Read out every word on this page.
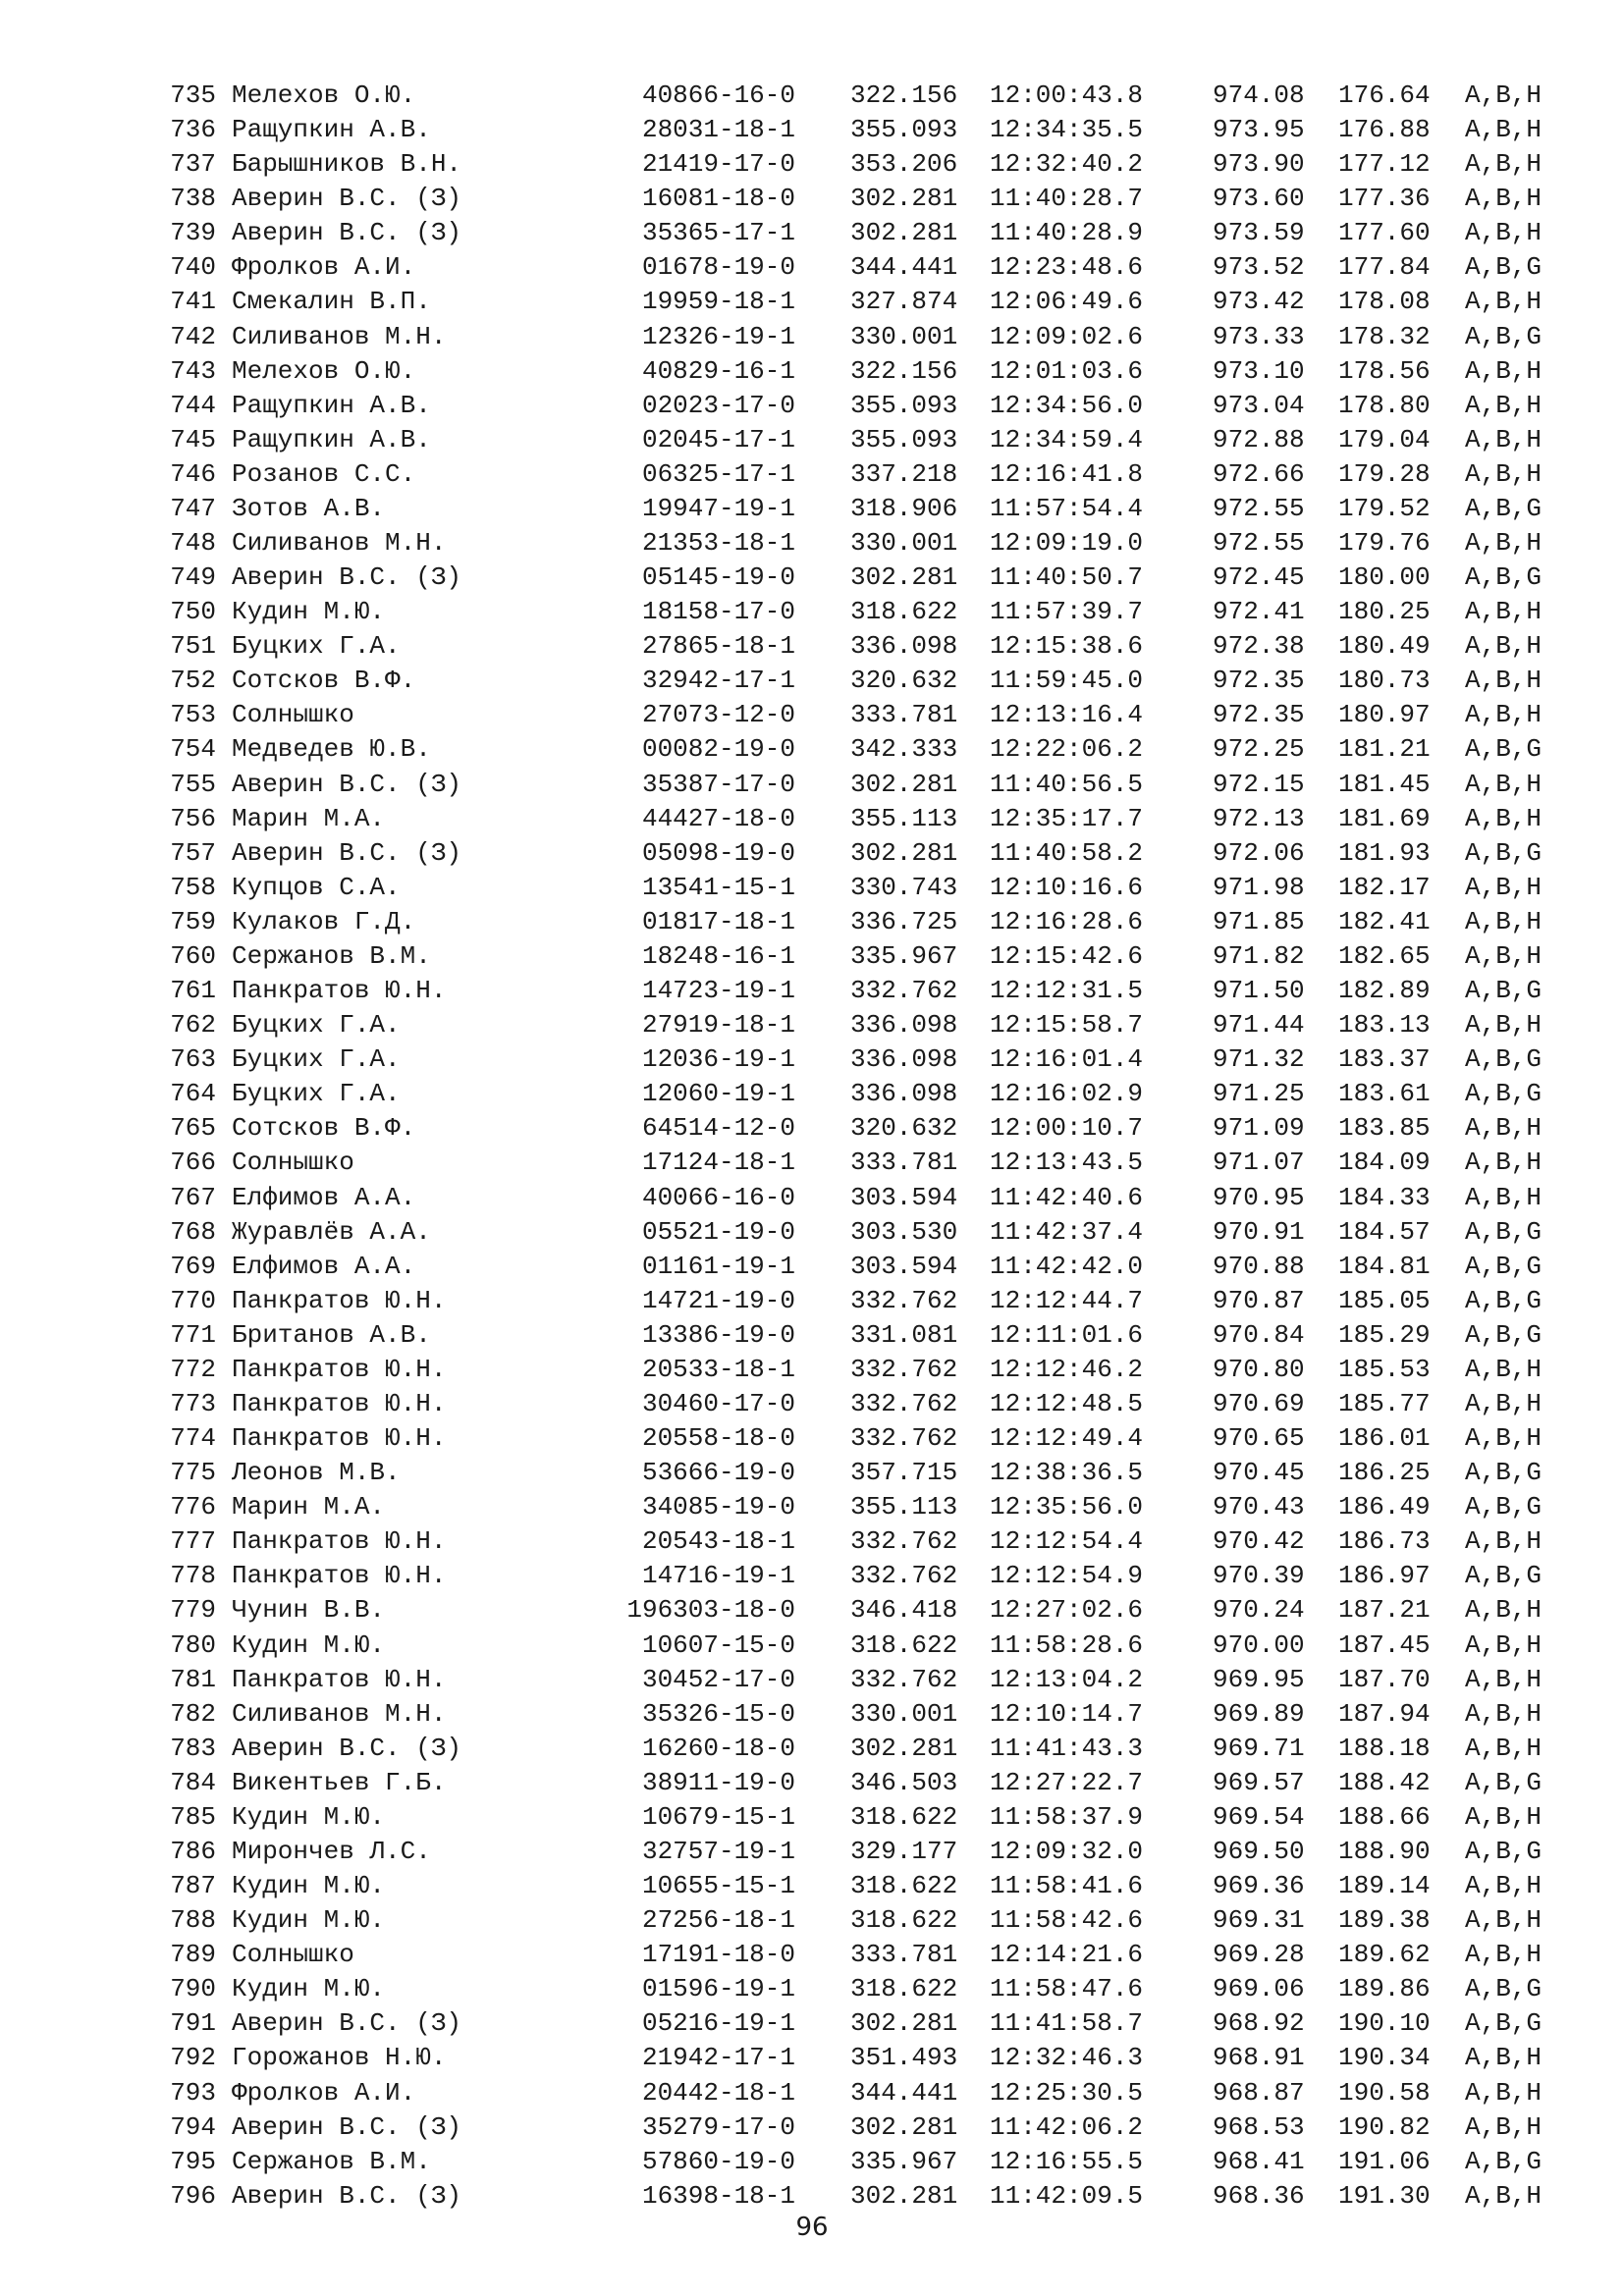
735 Мелехов О.Ю.	40866-16-0 322.156 12:00:43.8	974.08 176.64 A,B,H
736 Ращупкин А.В.	28031-18-1 355.093 12:34:35.5	973.95 176.88 A,B,H
737 Барышников В.Н.	21419-17-0 353.206 12:32:40.2	973.90 177.12 A,B,H
738 Аверин В.С. (З)	16081-18-0 302.281 11:40:28.7	973.60 177.36 A,B,H
739 Аверин В.С. (З)	35365-17-1 302.281 11:40:28.9	973.59 177.60 A,B,H
740 Фролков А.И.	01678-19-0 344.441 12:23:48.6	973.52 177.84 A,B,G
741 Смекалин В.П.	19959-18-1 327.874 12:06:49.6	973.42 178.08 A,B,H
742 Силиванов М.Н.	12326-19-1 330.001 12:09:02.6	973.33 178.32 A,B,G
743 Мелехов О.Ю.	40829-16-1 322.156 12:01:03.6	973.10 178.56 A,B,H
744 Ращупкин А.В.	02023-17-0 355.093 12:34:56.0	973.04 178.80 A,B,H
745 Ращупкин А.В.	02045-17-1 355.093 12:34:59.4	972.88 179.04 A,B,H
746 Розанов С.С.	06325-17-1 337.218 12:16:41.8	972.66 179.28 A,B,H
747 Зотов А.В.	19947-19-1 318.906 11:57:54.4	972.55 179.52 A,B,G
748 Силиванов М.Н.	21353-18-1 330.001 12:09:19.0	972.55 179.76 A,B,H
749 Аверин В.С. (З)	05145-19-0 302.281 11:40:50.7	972.45 180.00 A,B,G
750 Кудин М.Ю.	18158-17-0 318.622 11:57:39.7	972.41 180.25 A,B,H
751 Буцких Г.А.	27865-18-1 336.098 12:15:38.6	972.38 180.49 A,B,H
752 Сотсков В.Ф.	32942-17-1 320.632 11:59:45.0	972.35 180.73 A,B,H
753 Солнышко	27073-12-0 333.781 12:13:16.4	972.35 180.97 A,B,H
754 Медведев Ю.В.	00082-19-0 342.333 12:22:06.2	972.25 181.21 A,B,G
755 Аверин В.С. (З)	35387-17-0 302.281 11:40:56.5	972.15 181.45 A,B,H
756 Марин М.А.	44427-18-0 355.113 12:35:17.7	972.13 181.69 A,B,H
757 Аверин В.С. (З)	05098-19-0 302.281 11:40:58.2	972.06 181.93 A,B,G
758 Купцов С.А.	13541-15-1 330.743 12:10:16.6	971.98 182.17 A,B,H
759 Кулаков Г.Д.	01817-18-1 336.725 12:16:28.6	971.85 182.41 A,B,H
760 Сержанов В.М.	18248-16-1 335.967 12:15:42.6	971.82 182.65 A,B,H
761 Панкратов Ю.Н.	14723-19-1 332.762 12:12:31.5	971.50 182.89 A,B,G
762 Буцких Г.А.	27919-18-1 336.098 12:15:58.7	971.44 183.13 A,B,H
763 Буцких Г.А.	12036-19-1 336.098 12:16:01.4	971.32 183.37 A,B,G
764 Буцких Г.А.	12060-19-1 336.098 12:16:02.9	971.25 183.61 A,B,G
765 Сотсков В.Ф.	64514-12-0 320.632 12:00:10.7	971.09 183.85 A,B,H
766 Солнышко	17124-18-1 333.781 12:13:43.5	971.07 184.09 A,B,H
767 Елфимов А.А.	40066-16-0 303.594 11:42:40.6	970.95 184.33 A,B,H
768 Журавлёв А.А.	05521-19-0 303.530 11:42:37.4	970.91 184.57 A,B,G
769 Елфимов А.А.	01161-19-1 303.594 11:42:42.0	970.88 184.81 A,B,G
770 Панкратов Ю.Н.	14721-19-0 332.762 12:12:44.7	970.87 185.05 A,B,G
771 Британов А.В.	13386-19-0 331.081 12:11:01.6	970.84 185.29 A,B,G
772 Панкратов Ю.Н.	20533-18-1 332.762 12:12:46.2	970.80 185.53 A,B,H
773 Панкратов Ю.Н.	30460-17-0 332.762 12:12:48.5	970.69 185.77 A,B,H
774 Панкратов Ю.Н.	20558-18-0 332.762 12:12:49.4	970.65 186.01 A,B,H
775 Леонов М.В.	53666-19-0 357.715 12:38:36.5	970.45 186.25 A,B,G
776 Марин М.А.	34085-19-0 355.113 12:35:56.0	970.43 186.49 A,B,G
777 Панкратов Ю.Н.	20543-18-1 332.762 12:12:54.4	970.42 186.73 A,B,H
778 Панкратов Ю.Н.	14716-19-1 332.762 12:12:54.9	970.39 186.97 A,B,G
779 Чунин В.В.	196303-18-0 346.418 12:27:02.6	970.24 187.21 A,B,H
780 Кудин М.Ю.	10607-15-0 318.622 11:58:28.6	970.00 187.45 A,B,H
781 Панкратов Ю.Н.	30452-17-0 332.762 12:13:04.2	969.95 187.70 A,B,H
782 Силиванов М.Н.	35326-15-0 330.001 12:10:14.7	969.89 187.94 A,B,H
783 Аверин В.С. (З)	16260-18-0 302.281 11:41:43.3	969.71 188.18 A,B,H
784 Викентьев Г.Б.	38911-19-0 346.503 12:27:22.7	969.57 188.42 A,B,G
785 Кудин М.Ю.	10679-15-1 318.622 11:58:37.9	969.54 188.66 A,B,H
786 Мирончев Л.С.	32757-19-1 329.177 12:09:32.0	969.50 188.90 A,B,G
787 Кудин М.Ю.	10655-15-1 318.622 11:58:41.6	969.36 189.14 A,B,H
788 Кудин М.Ю.	27256-18-1 318.622 11:58:42.6	969.31 189.38 A,B,H
789 Солнышко	17191-18-0 333.781 12:14:21.6	969.28 189.62 A,B,H
790 Кудин М.Ю.	01596-19-1 318.622 11:58:47.6	969.06 189.86 A,B,G
791 Аверин В.С. (З)	05216-19-1 302.281 11:41:58.7	968.92 190.10 A,B,G
792 Горожанов Н.Ю.	21942-17-1 351.493 12:32:46.3	968.91 190.34 A,B,H
793 Фролков А.И.	20442-18-1 344.441 12:25:30.5	968.87 190.58 A,B,H
794 Аверин В.С. (З)	35279-17-0 302.281 11:42:06.2	968.53 190.82 A,B,H
795 Сержанов В.М.	57860-19-0 335.967 12:16:55.5	968.41 191.06 A,B,G
796 Аверин В.С. (З)	16398-18-1 302.281 11:42:09.5	968.36 191.30 A,B,H
96
